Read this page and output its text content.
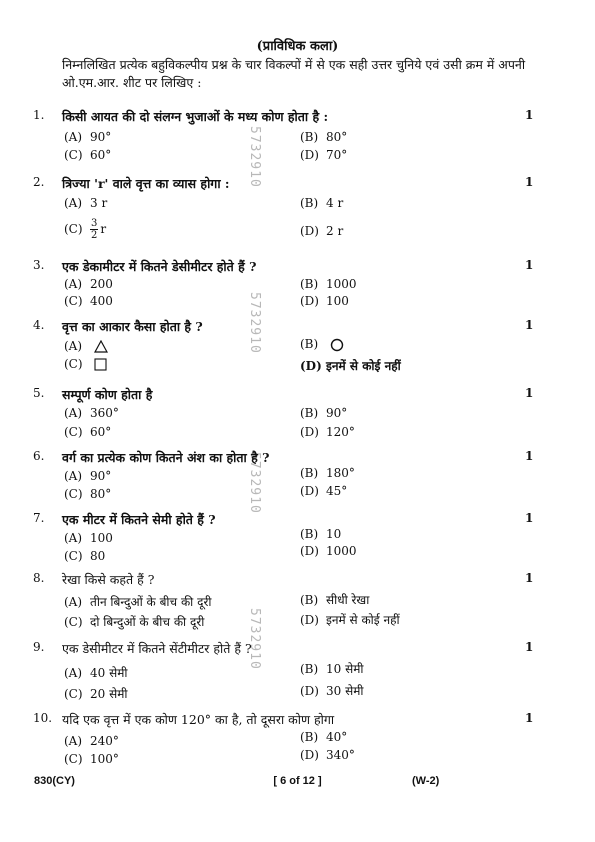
(प्राविधिक कला)
निम्नलिखित प्रत्येक बहुविकल्पीय प्रश्न के चार विकल्पों में से एक सही उत्तर चुनिये एवं उसी क्रम में अपनी ओ.एम.आर. शीट पर लिखिए :
5732910
5732910
5732910
5732910
1. किसी आयत की दो संलग्न भुजाओं के मध्य कोण होता है :	1
(A) 90°	(B) 80°
(C) 60°	(D) 70°
2. त्रिज्या 'r' वाले वृत्त का व्यास होगा :	1
(A) 3 r	(B) 4 r
$(C) \frac{3}{2}$ r	(D) 2 r
3. एक डेकामीटर में कितने डेसीमीटर होते हैं ?	1
(A) 200	(B) 1000
(C) 400	(D) 100
4. वृत्त का आकार कैसा होता है ?	1
(A)	(B)
(C)	(D) इनमें से कोई नहीं
5. सम्पूर्ण कोण होता है	1
(A) 360°	(B) 90°
(C) 60°	(D) 120°
6. वर्ग का प्रत्येक कोण कितने अंश का होता है ?	1
(A) 90°	(B) 180°
(C) 80°	(D) 45°
7. एक मीटर में कितने सेमी होते हैं ?	1
(A) 100	(B) 10
(C) 80	(D) 1000
8. रेखा किसे कहते हैं ?	1
(A) तीन बिन्दुओं के बीच की दूरी	(B) सीधी रेखा
(C) दो बिन्दुओं के बीच की दूरी	(D) इनमें से कोई नहीं
9. एक डेसीमीटर में कितने सेंटीमीटर होते हैं ?	1
(A) 40 सेमी	(B) 10 सेमी
(C) 20 सेमी	(D) 30 सेमी
10. यदि एक वृत्त में एक कोण 120° का है, तो दूसरा कोण होगा	1
(A) 240°	(B) 40°
(C) 100°	(D) 340°
830(CY)	[ 6 of 12 ]	(W-2)
